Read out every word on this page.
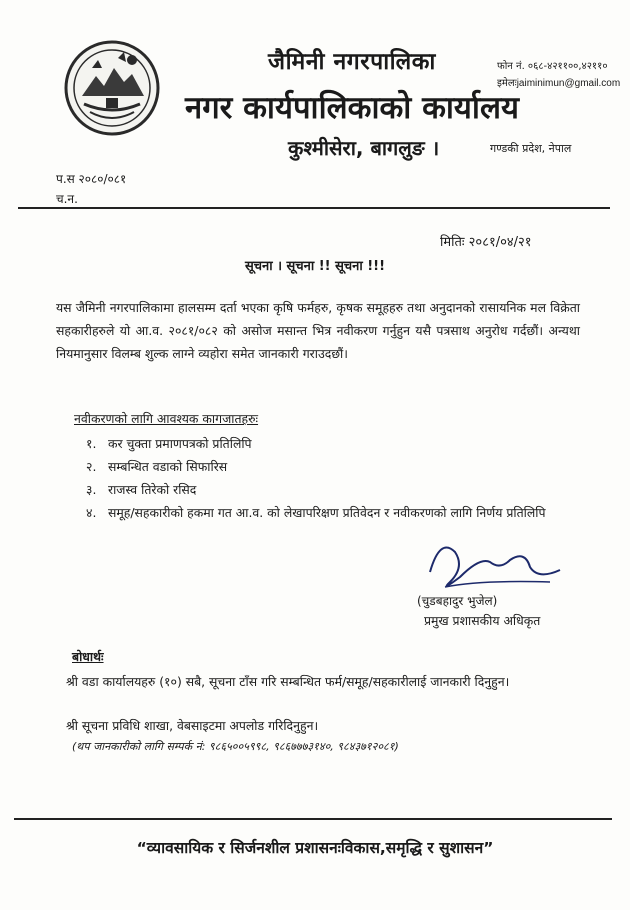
जैमिनी नगरपालिका
नगर कार्यपालिकाको कार्यालय
कुश्मीसेरा, बागलुङ ।
फोन नं. ०६८-४२११००,४२११०
इमेलःjaiminimun@gmail.com
गण्डकी प्रदेश, नेपाल
प.स २०८०/०८१
च.न.
मितिः २०८१/०४/२१
सूचना । सूचना !! सूचना !!!
यस जैमिनी नगरपालिकामा हालसम्म दर्ता भएका कृषि फर्महरु, कृषक समूहहरु तथा अनुदानको रासायनिक मल विक्रेता सहकारीहरुले यो आ.व. २०८१/०८२ को असोज मसान्त भित्र नवीकरण गर्नुहुन यसै पत्रसाथ अनुरोध गर्दछौं। अन्यथा नियमानुसार विलम्ब शुल्क लाग्ने व्यहोरा समेत जानकारी गराउदछौं।
नवीकरणको लागि आवश्यक कागजातहरुः
१. कर चुक्ता प्रमाणपत्रको प्रतिलिपि
२. सम्बन्धित वडाको सिफारिस
३. राजस्व तिरेको रसिद
४. समूह/सहकारीको हकमा गत आ.व. को लेखापरिक्षण प्रतिवेदन र नवीकरणको लागि निर्णय प्रतिलिपि
(चुडबहादुर भुजेल)
प्रमुख प्रशासकीय अधिकृत
बोधार्थः
श्री वडा कार्यालयहरु (१०) सबै, सूचना टाँस गरि सम्बन्धित फर्म/समूह/सहकारीलाई जानकारी दिनुहुन।
श्री सूचना प्रविधि शाखा, वेबसाइटमा अपलोड गरिदिनुहुन।
(थप जानकारीको लागि सम्पर्क नं: ९८६५००५९९८, ९८६७७७३१४०, ९८४३७१२०८१)
“व्यावसायिक र सिर्जनशील प्रशासनःविकास,समृद्धि र सुशासन”
